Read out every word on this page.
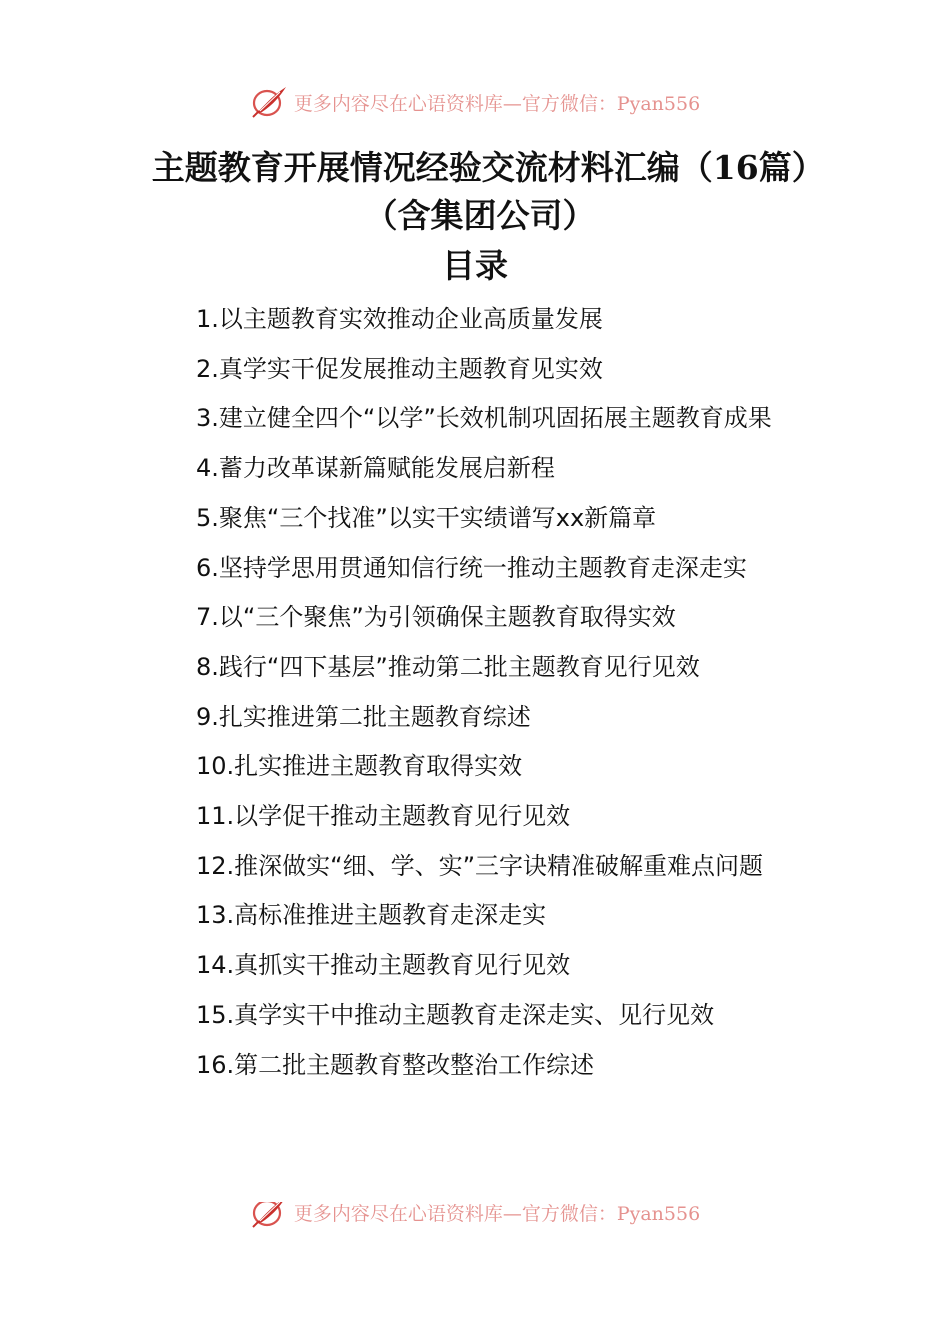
更多内容尽在心语资料库—官方微信：Pyan556
主题教育开展情况经验交流材料汇编（16篇）（含集团公司）
目录
1.以主题教育实效推动企业高质量发展
2.真学实干促发展推动主题教育见实效
3.建立健全四个“以学”长效机制巩固拓展主题教育成果
4.蓄力改革谋新篇赋能发展启新程
5.聚焦“三个找准”以实干实绩谱写xx新篇章
6.坚持学思用贯通知信行统一推动主题教育走深走实
7.以“三个聚焦”为引领确保主题教育取得实效
8.践行“四下基层”推动第二批主题教育见行见效
9.扎实推进第二批主题教育综述
10.扎实推进主题教育取得实效
11.以学促干推动主题教育见行见效
12.推深做实“细、学、实”三字诀精准破解重难点问题
13.高标准推进主题教育走深走实
14.真抓实干推动主题教育见行见效
15.真学实干中推动主题教育走深走实、见行见效
16.第二批主题教育整改整治工作综述
更多内容尽在心语资料库—官方微信：Pyan556
